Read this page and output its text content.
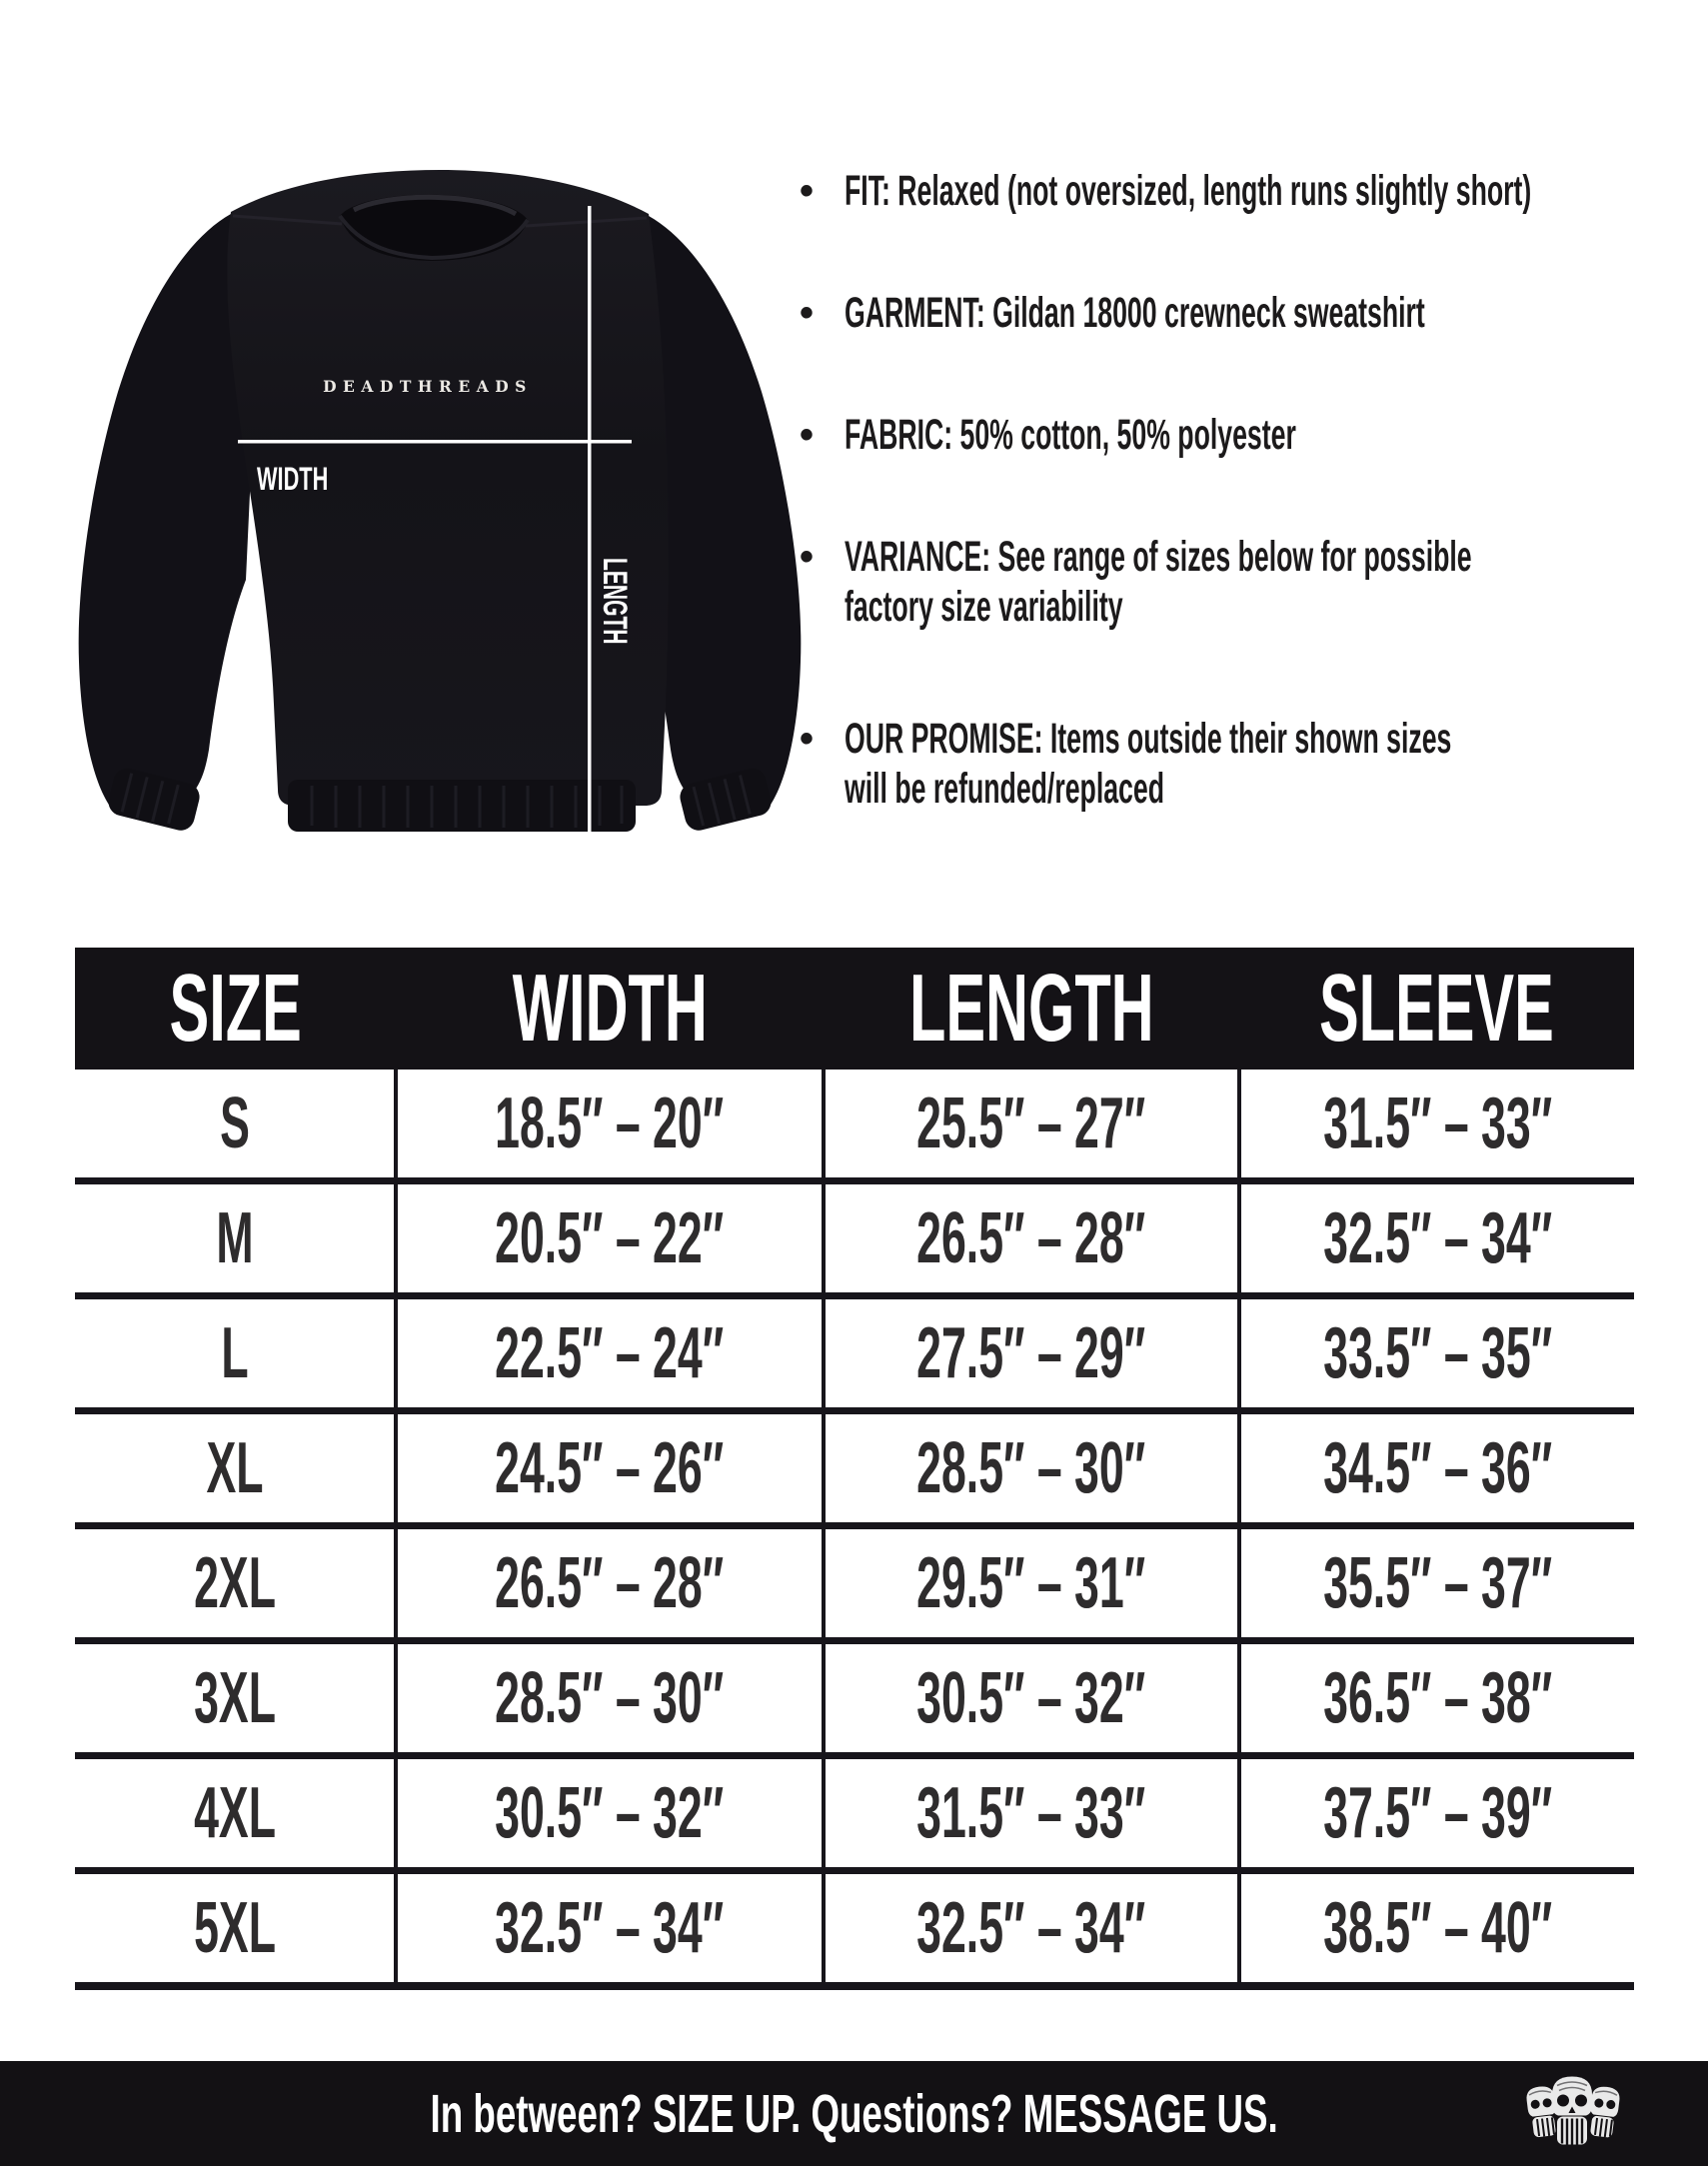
DEADTHREADS
WIDTH
LENGTH
• FIT: Relaxed (not oversized, length runs slightly short)
• GARMENT: Gildan 18000 crewneck sweatshirt
• FABRIC: 50% cotton, 50% polyester
• VARIANCE: See range of sizes below for possible
factory size variability
• OUR PROMISE: Items outside their shown sizes
will be refunded/replaced
SIZE	WIDTH	LENGTH	SLEEVE
S	18.5″ – 20″	25.5″ – 27″	31.5″ – 33″
M	20.5″ – 22″	26.5″ – 28″	32.5″ – 34″
L	22.5″ – 24″	27.5″ – 29″	33.5″ – 35″
XL	24.5″ – 26″	28.5″ – 30″	34.5″ – 36″
2XL	26.5″ – 28″	29.5″ – 31″	35.5″ – 37″
3XL	28.5″ – 30″	30.5″ – 32″	36.5″ – 38″
4XL	30.5″ – 32″	31.5″ – 33″	37.5″ – 39″
5XL	32.5″ – 34″	32.5″ – 34″	38.5″ – 40″
In between? SIZE UP. Questions? MESSAGE US.
